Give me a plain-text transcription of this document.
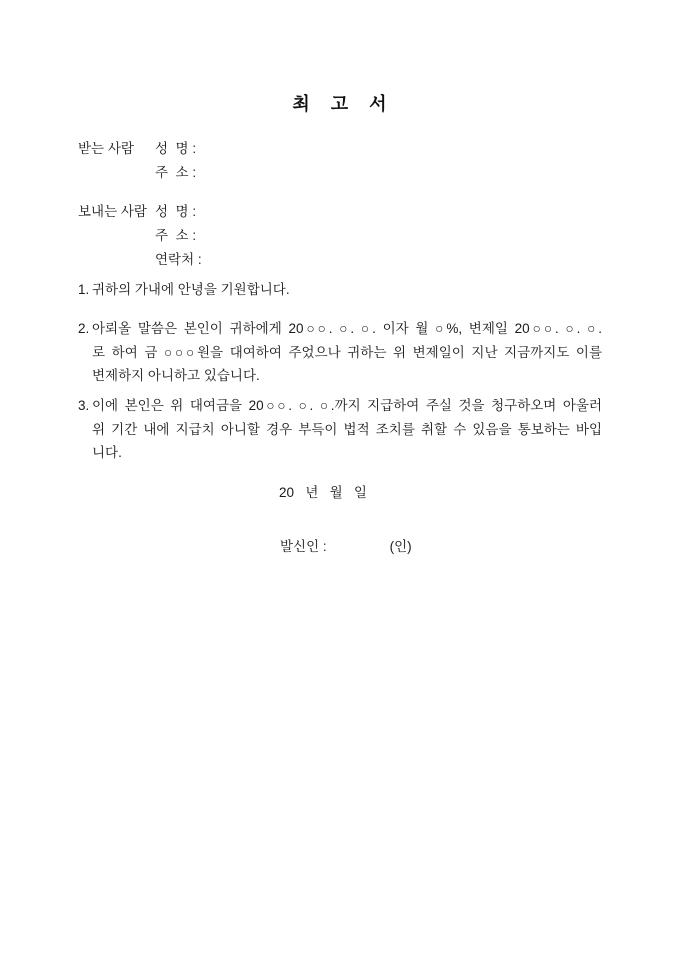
최 고 서
받는 사람	성  명 :
주  소 :
보내는 사람 성  명 :
주  소 :
연락처 :
1. 귀하의 가내에 안녕을 기원합니다.
2. 아뢰올 말씀은 본인이 귀하에게 20○○. ○. ○. 이자 월 ○%, 변제일 20○○. ○. ○.
로 하여 금 ○○○원을 대여하여 주었으나 귀하는 위 변제일이 지난 지금까지도 이를
변제하지 아니하고 있습니다.
3. 이에 본인은 위 대여금을 20○○. ○. ○.까지 지급하여 주실 것을 청구하오며 아울러
위 기간 내에 지급치 아니할 경우 부득이 법적 조치를 취할 수 있음을 통보하는 바입
니다.
20   년   월   일

발신인 :	(인)
